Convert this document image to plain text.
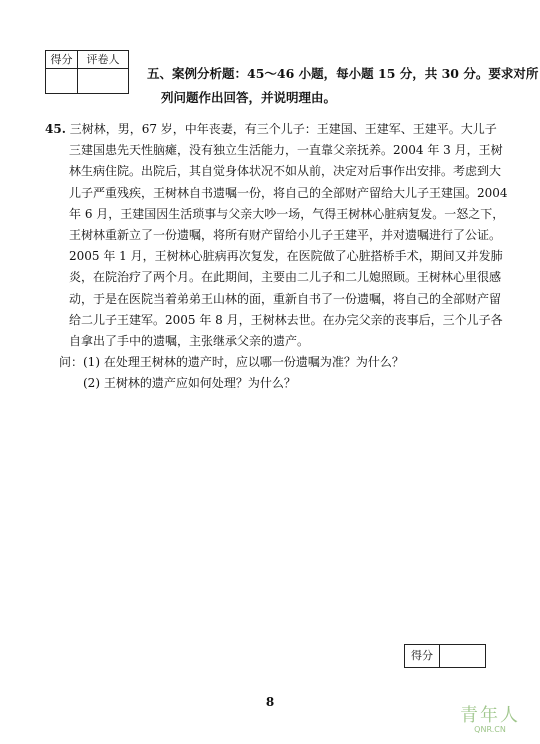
得分	评卷人
五、案例分析题：45～46 小题，每小题 15 分，共 30 分。要求对所
列问题作出回答，并说明理由。
45. 三树林，男，67 岁，中年丧妻，有三个儿子：王建国、王建军、王建平。大儿子
三建国患先天性脑瘫，没有独立生活能力，一直靠父亲抚养。2004 年 3 月，王树
林生病住院。出院后，其自觉身体状况不如从前，决定对后事作出安排。考虑到大
儿子严重残疾，王树林自书遗嘱一份，将自己的全部财产留给大儿子王建国。2004
年 6 月，王建国因生活琐事与父亲大吵一场，气得王树林心脏病复发。一怒之下，
王树林重新立了一份遗嘱，将所有财产留给小儿子王建平，并对遗嘱进行了公证。
2005 年 1 月，王树林心脏病再次复发，在医院做了心脏搭桥手术，期间又并发肺
炎，在院治疗了两个月。在此期间，主要由二儿子和二儿媳照顾。王树林心里很感
动，于是在医院当着弟弟王山林的面，重新自书了一份遗嘱，将自己的全部财产留
给二儿子王建军。2005 年 8 月，王树林去世。在办完父亲的丧事后，三个儿子各
自拿出了手中的遗嘱，主张继承父亲的遗产。
问：(1) 在处理王树林的遗产时，应以哪一份遗嘱为准？为什么？
(2) 王树林的遗产应如何处理？为什么？
得分
8
青年人
QNR.CN
